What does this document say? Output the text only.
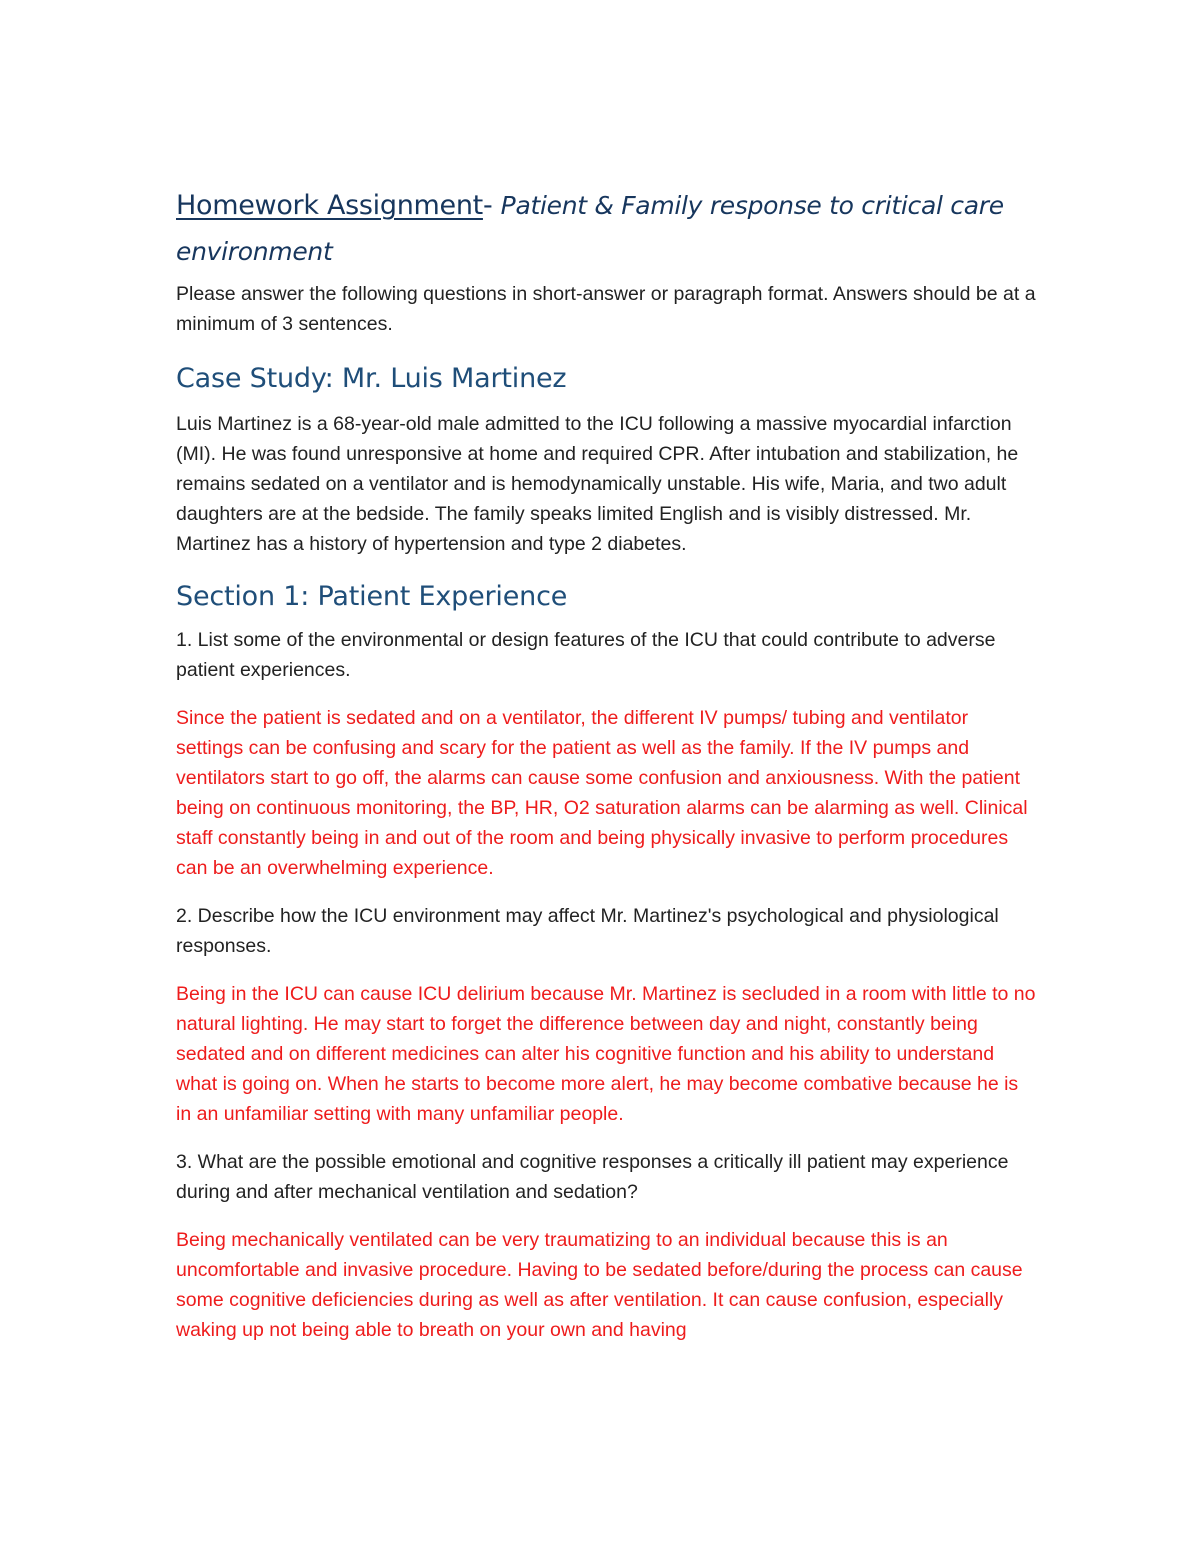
Homework Assignment- Patient & Family response to critical care environment

Please answer the following questions in short-answer or paragraph format. Answers should be at a minimum of 3 sentences.

Case Study: Mr. Luis Martinez

Luis Martinez is a 68-year-old male admitted to the ICU following a massive myocardial infarction (MI). He was found unresponsive at home and required CPR. After intubation and stabilization, he remains sedated on a ventilator and is hemodynamically unstable. His wife, Maria, and two adult daughters are at the bedside. The family speaks limited English and is visibly distressed. Mr. Martinez has a history of hypertension and type 2 diabetes.

Section 1: Patient Experience

1. List some of the environmental or design features of the ICU that could contribute to adverse patient experiences.

Since the patient is sedated and on a ventilator, the different IV pumps/ tubing and ventilator settings can be confusing and scary for the patient as well as the family. If the IV pumps and ventilators start to go off, the alarms can cause some confusion and anxiousness. With the patient being on continuous monitoring, the BP, HR, O2 saturation alarms can be alarming as well. Clinical staff constantly being in and out of the room and being physically invasive to perform procedures can be an overwhelming experience.

2. Describe how the ICU environment may affect Mr. Martinez's psychological and physiological responses.

Being in the ICU can cause ICU delirium because Mr. Martinez is secluded in a room with little to no natural lighting. He may start to forget the difference between day and night, constantly being sedated and on different medicines can alter his cognitive function and his ability to understand what is going on. When he starts to become more alert, he may become combative because he is in an unfamiliar setting with many unfamiliar people.

3. What are the possible emotional and cognitive responses a critically ill patient may experience during and after mechanical ventilation and sedation?

Being mechanically ventilated can be very traumatizing to an individual because this is an uncomfortable and invasive procedure. Having to be sedated before/during the process can cause some cognitive deficiencies during as well as after ventilation. It can cause confusion, especially waking up not being able to breath on your own and having
